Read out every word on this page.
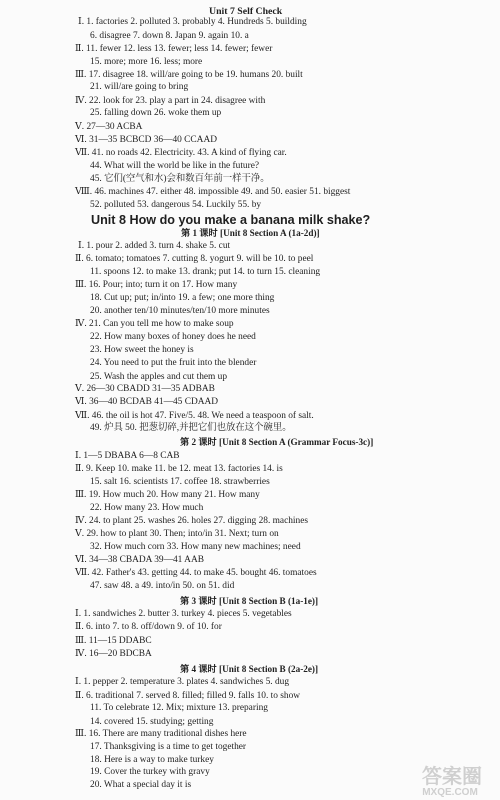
Unit 7 Self Check
Ⅰ. 1. factories 2. polluted 3. probably 4. Hundreds 5. building
6. disagree 7. down 8. Japan 9. again 10. a
Ⅱ. 11. fewer 12. less 13. fewer; less 14. fewer; fewer
15. more; more 16. less; more
Ⅲ. 17. disagree 18. will/are going to be 19. humans 20. built
21. will/are going to bring
Ⅳ. 22. look for 23. play a part in 24. disagree with
25. falling down 26. woke them up
Ⅴ. 27—30 ACBA
Ⅵ. 31—35 BCBCD 36—40 CCAAD
Ⅶ. 41. no roads 42. Electricity. 43. A kind of flying car.
44. What will the world be like in the future?
45. 它们(空气和水)会和数百年前一样干净。
Ⅷ. 46. machines 47. either 48. impossible 49. and 50. easier 51. biggest
52. polluted 53. dangerous 54. Luckily 55. by
Unit 8 How do you make a banana milk shake?
第 1 课时 [Unit 8 Section A (1a-2d)]
Ⅰ. 1. pour 2. added 3. turn 4. shake 5. cut
Ⅱ. 6. tomato; tomatoes 7. cutting 8. yogurt 9. will be 10. to peel
11. spoons 12. to make 13. drank; put 14. to turn 15. cleaning
Ⅲ. 16. Pour; into; turn it on 17. How many
18. Cut up; put; in/into 19. a few; one more thing
20. another ten/10 minutes/ten/10 more minutes
Ⅳ. 21. Can you tell me how to make soup
22. How many boxes of honey does he need
23. How sweet the honey is
24. You need to put the fruit into the blender
25. Wash the apples and cut them up
Ⅴ. 26—30 CBADD 31—35 ADBAB
Ⅵ. 36—40 BCDAB 41—45 CDAAD
Ⅶ. 46. the oil is hot 47. Five/5. 48. We need a teaspoon of salt.
49. 炉具 50. 把葱切碎,并把它们也放在这个碗里。
第 2 课时 [Unit 8 Section A (Grammar Focus-3c)]
Ⅰ. 1—5 DBABA 6—8 CAB
Ⅱ. 9. Keep 10. make 11. be 12. meat 13. factories 14. is
15. salt 16. scientists 17. coffee 18. strawberries
Ⅲ. 19. How much 20. How many 21. How many
22. How many 23. How much
Ⅳ. 24. to plant 25. washes 26. holes 27. digging 28. machines
Ⅴ. 29. how to plant 30. Then; into/in 31. Next; turn on
32. How much corn 33. How many new machines; need
Ⅵ. 34—38 CBADA 39—41 AAB
Ⅶ. 42. Father's 43. getting 44. to make 45. bought 46. tomatoes
47. saw 48. a 49. into/in 50. on 51. did
第 3 课时 [Unit 8 Section B (1a-1e)]
Ⅰ. 1. sandwiches 2. butter 3. turkey 4. pieces 5. vegetables
Ⅱ. 6. into 7. to 8. off/down 9. of 10. for
Ⅲ. 11—15 DDABC
Ⅳ. 16—20 BDCBA
第 4 课时 [Unit 8 Section B (2a-2e)]
Ⅰ. 1. pepper 2. temperature 3. plates 4. sandwiches 5. dug
Ⅱ. 6. traditional 7. served 8. filled; filled 9. falls 10. to show
11. To celebrate 12. Mix; mixture 13. preparing
14. covered 15. studying; getting
Ⅲ. 16. There are many traditional dishes here
17. Thanksgiving is a time to get together
18. Here is a way to make turkey
19. Cover the turkey with gravy
20. What a special day it is	答案圈
MXQE.COM
